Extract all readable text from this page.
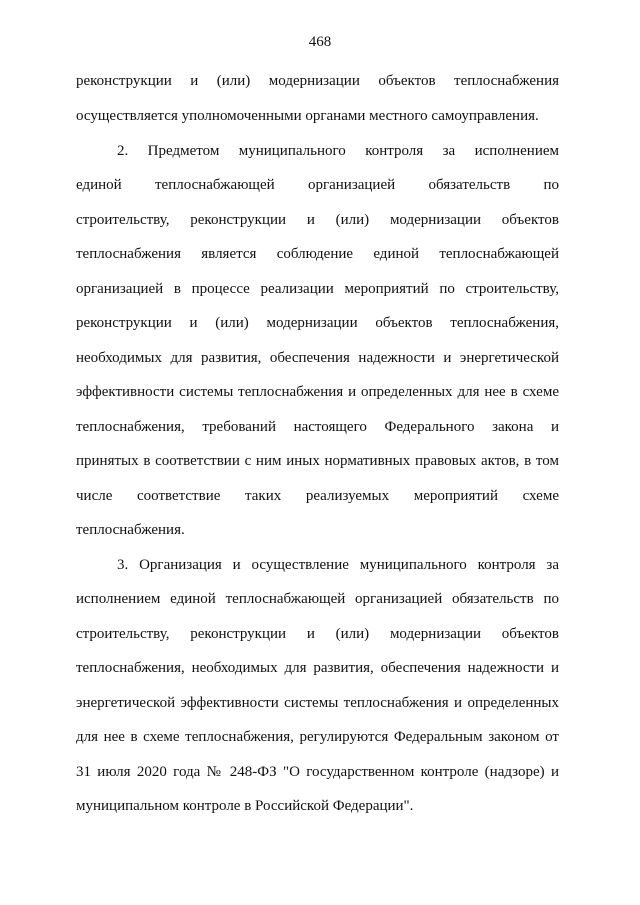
468
реконструкции и (или) модернизации объектов теплоснабжения
осуществляется уполномоченными органами местного самоуправления.
2. Предметом муниципального контроля за исполнением
единой теплоснабжающей организацией обязательств по
строительству, реконструкции и (или) модернизации объектов
теплоснабжения является соблюдение единой теплоснабжающей
организацией в процессе реализации мероприятий по строительству,
реконструкции и (или) модернизации объектов теплоснабжения,
необходимых для развития, обеспечения надежности и энергетической
эффективности системы теплоснабжения и определенных для нее в схеме
теплоснабжения, требований настоящего Федерального закона и
принятых в соответствии с ним иных нормативных правовых актов, в том
числе соответствие таких реализуемых мероприятий схеме
теплоснабжения.
3. Организация и осуществление муниципального контроля за
исполнением единой теплоснабжающей организацией обязательств по
строительству, реконструкции и (или) модернизации объектов
теплоснабжения, необходимых для развития, обеспечения надежности и
энергетической эффективности системы теплоснабжения и определенных
для нее в схеме теплоснабжения, регулируются Федеральным законом от
31 июля 2020 года № 248-ФЗ "О государственном контроле (надзоре) и
муниципальном контроле в Российской Федерации".
